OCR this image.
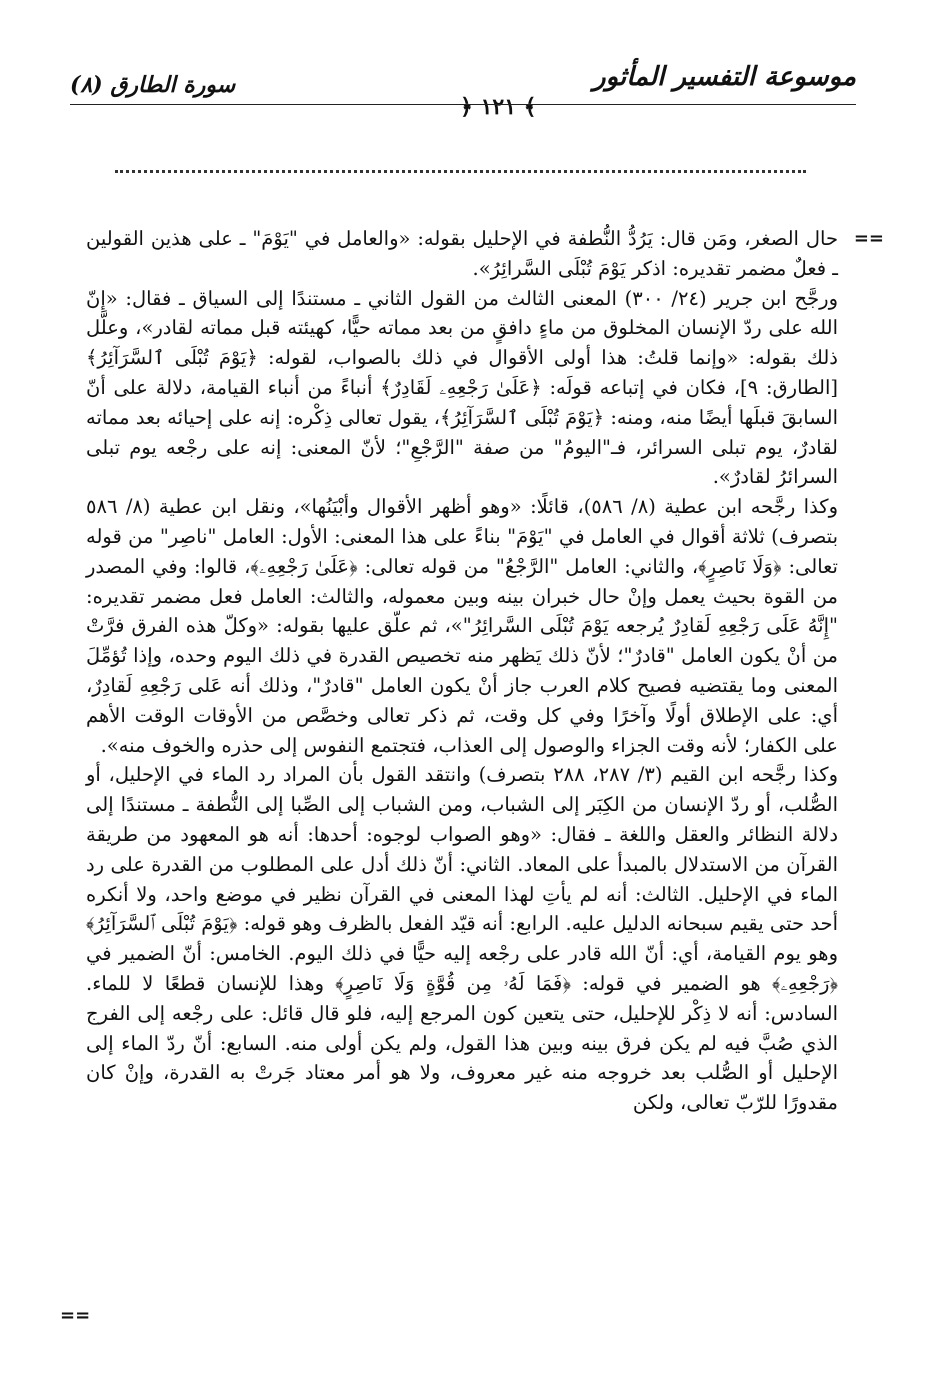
موسوعة التفسير المأثور
سورة الطارق (٨)
﴾ ١٢١ ﴿
==

حال الصغر، ومَن قال: يَرُدُّ النُّطفة في الإحليل بقوله: «والعامل في "يَوْمَ" ـ على هذين القولين ـ فعلٌ مضمر تقديره: اذكر يَوْمَ تُبْلَى السَّرائِرُ».

ورجَّح ابن جرير (٢٤/ ٣٠٠) المعنى الثالث من القول الثاني ـ مستندًا إلى السياق ـ فقال: «إنّ الله على ردّ الإنسان المخلوق من ماءٍ دافقٍ من بعد مماته حيًّا، كهيئته قبل مماته لقادر»، وعلَّل ذلك بقوله: «وإنما قلتُ: هذا أولى الأقوال في ذلك بالصواب، لقوله: ﴿يَوْمَ تُبْلَى ٱلسَّرَآئِرُ﴾ [الطارق: ٩]، فكان في إتباعه قولَه: ﴿عَلَىٰ رَجْعِهِۦ لَقَادِرٌ﴾ أنباءً من أنباء القيامة، دلالة على أنّ السابقَ قبلَها أيضًا منه، ومنه: ﴿يَوْمَ تُبْلَى ٱلسَّرَآئِرُ﴾، يقول تعالى ذِكْره: إنه على إحيائه بعد مماته لقادرٌ، يوم تبلى السرائر، فـ"اليومُ" من صفة "الرَّجْعِ"؛ لأنّ المعنى: إنه على رجْعه يوم تبلى السرائرُ لقادرٌ».

وكذا رجَّحه ابن عطية (٨/ ٥٨٦)، قائلًا: «وهو أظهر الأقوال وأبْيَنُها»، ونقل ابن عطية (٨/ ٥٨٦ بتصرف) ثلاثة أقوال في العامل في "يَوْمَ" بناءً على هذا المعنى: الأول: العامل "ناصِر" من قوله تعالى: ﴿وَلَا نَاصِرٍ﴾، والثاني: العامل "الرَّجْعُ" من قوله تعالى: ﴿عَلَىٰ رَجْعِهِۦ﴾، قالوا: وفي المصدر من القوة بحيث يعمل وإنْ حال خبران بينه وبين معموله، والثالث: العامل فعل مضمر تقديره: "إِنَّهُ عَلَى رَجْعِهِ لَقادِرٌ يُرجعه يَوْمَ تُبْلَى السَّرائِرُ"»، ثم علّق عليها بقوله: «وكلّ هذه الفرق فرَّتْ من أنْ يكون العامل "قادرٌ"؛ لأنّ ذلك يَظهر منه تخصيص القدرة في ذلك اليوم وحده، وإذا تُؤمِّلَ المعنى وما يقتضيه فصيح كلام العرب جاز أنْ يكون العامل "قادرٌ"، وذلك أنه عَلى رَجْعِهِ لَقادِرٌ، أي: على الإطلاق أولًا وآخرًا وفي كل وقت، ثم ذكر تعالى وخصَّص من الأوقات الوقت الأهم على الكفار؛ لأنه وقت الجزاء والوصول إلى العذاب، فتجتمع النفوس إلى حذره والخوف منه».

وكذا رجَّحه ابن القيم (٣/ ٢٨٧، ٢٨٨ بتصرف) وانتقد القول بأن المراد رد الماء في الإحليل، أو الصُّلب، أو ردّ الإنسان من الكِبَر إلى الشباب، ومن الشباب إلى الصِّبا إلى النُّطفة ـ مستندًا إلى دلالة النظائر والعقل واللغة ـ فقال: «وهو الصواب لوجوه: أحدها: أنه هو المعهود من طريقة القرآن من الاستدلال بالمبدأ على المعاد. الثاني: أنّ ذلك أدل على المطلوب من القدرة على رد الماء في الإحليل. الثالث: أنه لم يأتِ لهذا المعنى في القرآن نظير في موضع واحد، ولا أنكره أحد حتى يقيم سبحانه الدليل عليه. الرابع: أنه قيّد الفعل بالظرف وهو قوله: ﴿يَوْمَ تُبْلَى ٱلسَّرَآئِرُ﴾ وهو يوم القيامة، أي: أنّ الله قادر على رجْعه إليه حيًّا في ذلك اليوم. الخامس: أنّ الضمير في ﴿رَجْعِهِۦ﴾ هو الضمير في قوله: ﴿فَمَا لَهُۥ مِن قُوَّةٍ وَلَا نَاصِرٍ﴾ وهذا للإنسان قطعًا لا للماء. السادس: أنه لا ذِكْر للإحليل، حتى يتعين كون المرجع إليه، فلو قال قائل: على رجْعه إلى الفرج الذي صُبَّ فيه لم يكن فرق بينه وبين هذا القول، ولم يكن أولى منه. السابع: أنّ ردّ الماء إلى الإحليل أو الصُّلب بعد خروجه منه غير معروف، ولا هو أمر معتاد جَرتْ به القدرة، وإنْ كان مقدورًا للرّبّ تعالى، ولكن

==
